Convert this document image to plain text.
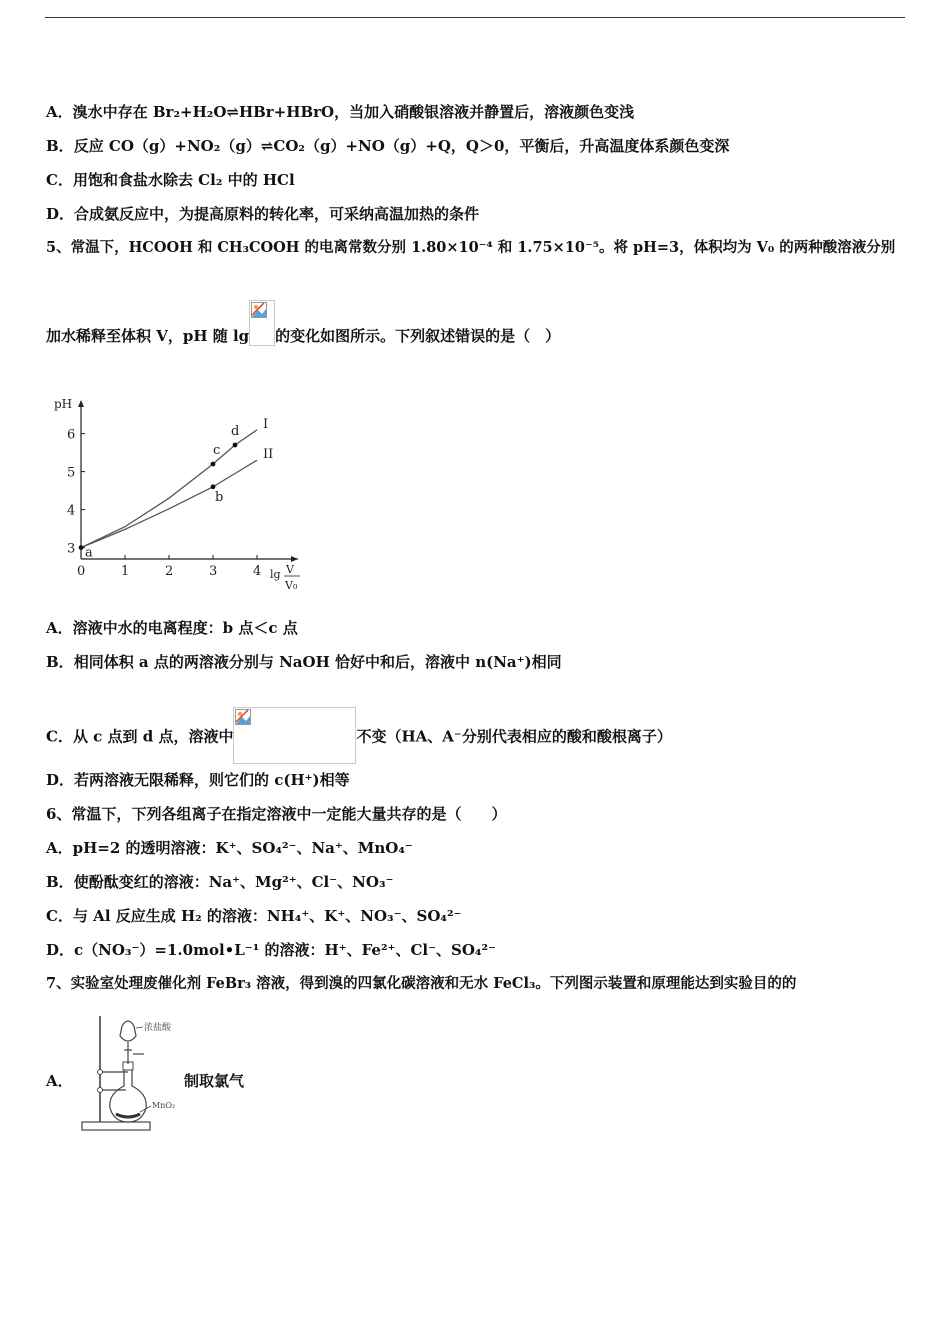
A．溴水中存在 Br₂+H₂O⇌HBr+HBrO，当加入硝酸银溶液并静置后，溶液颜色变浅
B．反应 CO（g）+NO₂（g）⇌CO₂（g）+NO（g）+Q，Q＞0，平衡后，升高温度体系颜色变深
C．用饱和食盐水除去 Cl₂ 中的 HCl
D．合成氨反应中，为提高原料的转化率，可采纳高温加热的条件
5、常温下，HCOOH 和 CH₃COOH 的电离常数分别 1.80×10⁻⁴ 和 1.75×10⁻⁵。将 pH=3，体积均为 V₀ 的两种酸溶液分别
加水稀释至体积 V，pH 随 lg 的变化如图所示。下列叙述错误的是（　）
pH
3
4
5
6
0	1	2	3	4 lg V
V₀
I
II
a
b
c
d
A．溶液中水的电离程度：b 点＜c 点
B．相同体积 a 点的两溶液分别与 NaOH 恰好中和后，溶液中 n(Na⁺)相同
C．从 c 点到 d 点，溶液中	不变（HA、A⁻分别代表相应的酸和酸根离子）
D．若两溶液无限稀释，则它们的 c(H⁺)相等
6、常温下，下列各组离子在指定溶液中一定能大量共存的是（　　）
A．pH=2 的透明溶液：K⁺、SO₄²⁻、Na⁺、MnO₄⁻
B．使酚酞变红的溶液：Na⁺、Mg²⁺、Cl⁻、NO₃⁻
C．与 Al 反应生成 H₂ 的溶液：NH₄⁺、K⁺、NO₃⁻、SO₄²⁻
D．c（NO₃⁻）=1.0mol•L⁻¹ 的溶液：H⁺、Fe²⁺、Cl⁻、SO₄²⁻
7、实验室处理废催化剂 FeBr₃ 溶液，得到溴的四氯化碳溶液和无水 FeCl₃。下列图示装置和原理能达到实验目的的
A．	制取氯气
浓盐酸
MnO₂
